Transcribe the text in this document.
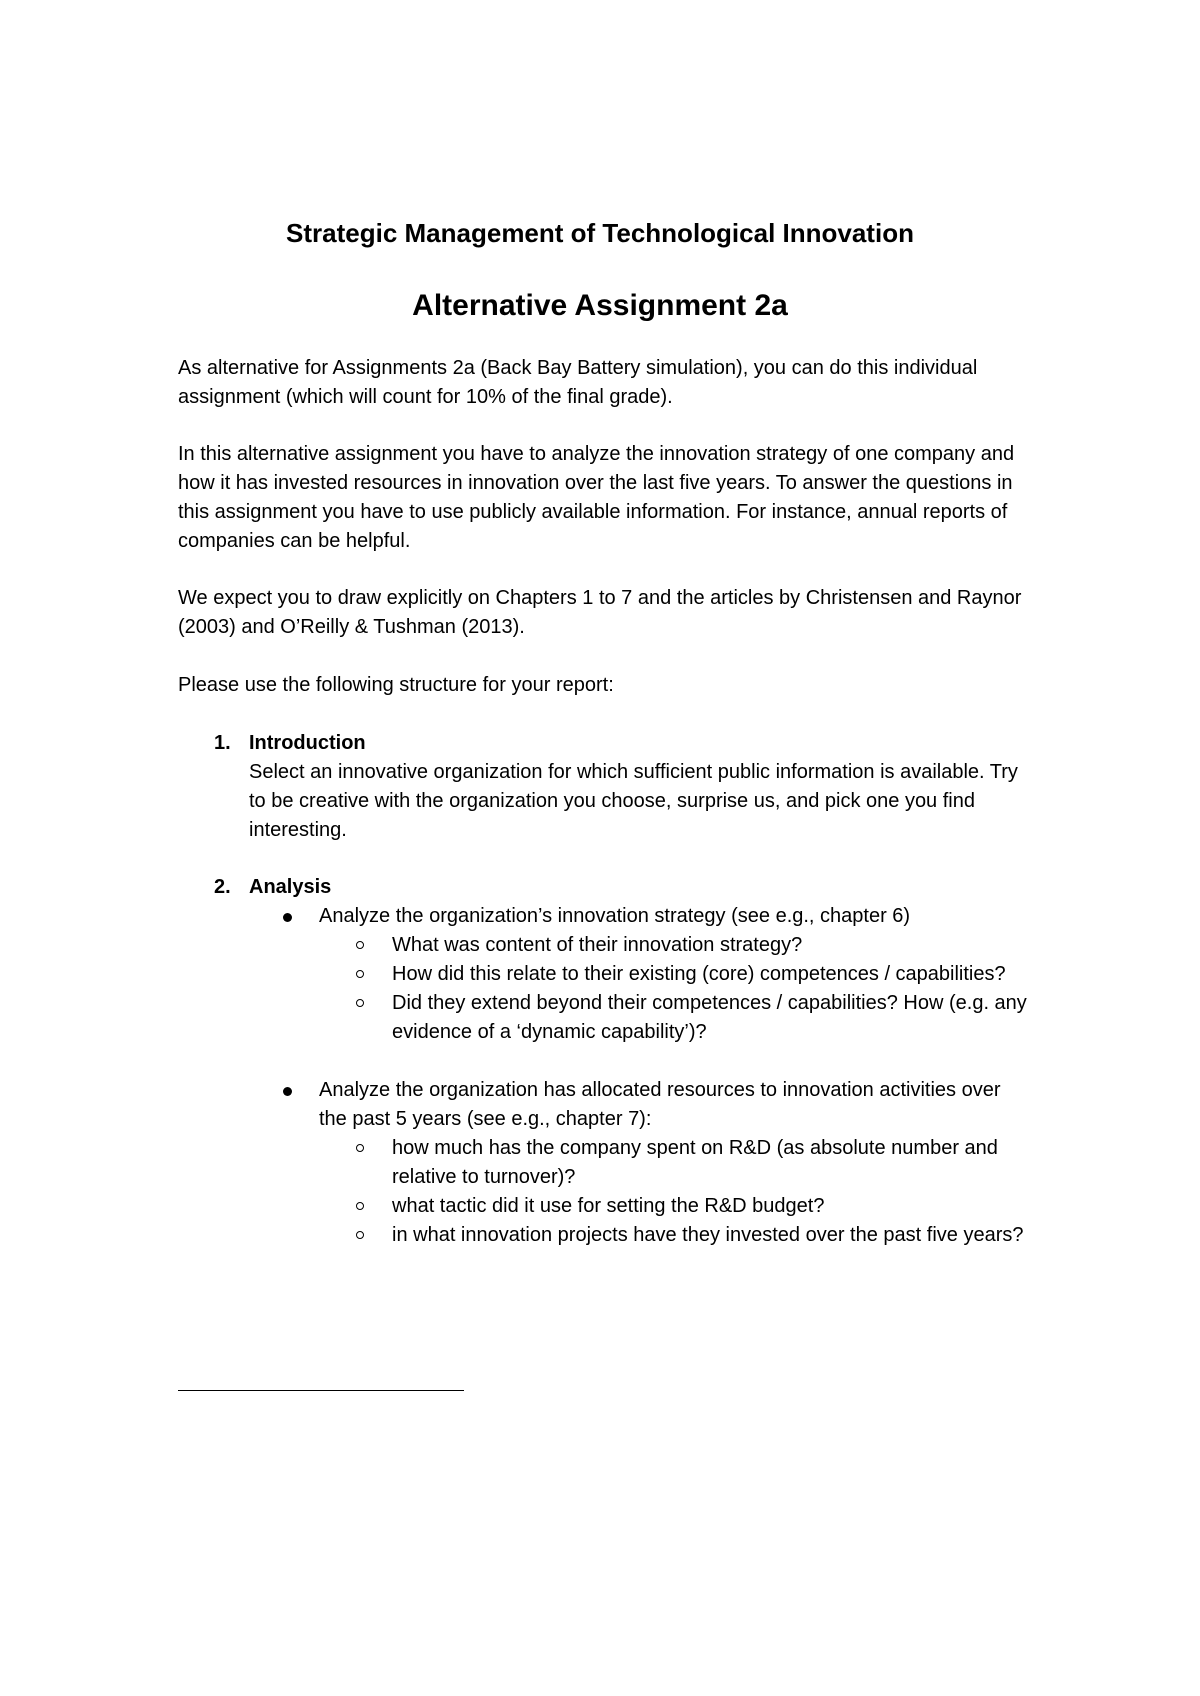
Strategic Management of Technological Innovation
Alternative Assignment 2a

As alternative for Assignments 2a (Back Bay Battery simulation), you can do this individual assignment (which will count for 10% of the final grade).

In this alternative assignment you have to analyze the innovation strategy of one company and how it has invested resources in innovation over the last five years. To answer the questions in this assignment you have to use publicly available information. For instance, annual reports of companies can be helpful.

We expect you to draw explicitly on Chapters 1 to 7 and the articles by Christensen and Raynor (2003) and O’Reilly & Tushman (2013).

Please use the following structure for your report:

1. Introduction

Select an innovative organization for which sufficient public information is available. Try to be creative with the organization you choose, surprise us, and pick one you find interesting.

2. Analysis

Analyze the organization’s innovation strategy (see e.g., chapter 6)
What was content of their innovation strategy?
How did this relate to their existing (core) competences / capabilities?
Did they extend beyond their competences / capabilities? How (e.g. any evidence of a ‘dynamic capability’)?
Analyze the organization has allocated resources to innovation activities over the past 5 years (see e.g., chapter 7):
how much has the company spent on R&D (as absolute number and relative to turnover)?
what tactic did it use for setting the R&D budget?
in what innovation projects have they invested over the past five years?
